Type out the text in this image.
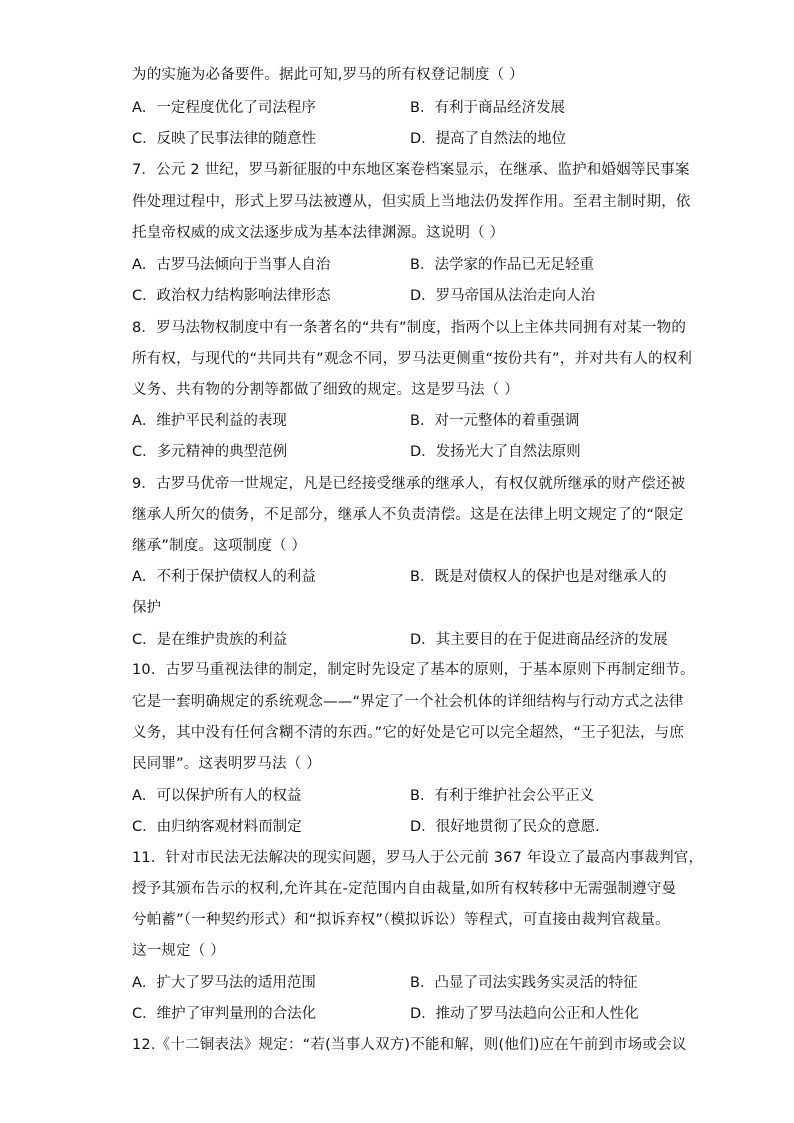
为的实施为必备要件。据此可知,罗马的所有权登记制度（ ）
A．一定程度优化了司法程序	B．有利于商品经济发展
C．反映了民事法律的随意性	D．提高了自然法的地位
7．公元 2 世纪，罗马新征服的中东地区案卷档案显示，在继承、监护和婚姻等民事案
件处理过程中，形式上罗马法被遵从，但实质上当地法仍发挥作用。至君主制时期，依
托皇帝权威的成文法逐步成为基本法律渊源。这说明（ ）
A．古罗马法倾向于当事人自治	B．法学家的作品已无足轻重
C．政治权力结构影响法律形态	D．罗马帝国从法治走向人治
8．罗马法物权制度中有一条著名的“共有”制度，指两个以上主体共同拥有对某一物的
所有权，与现代的“共同共有”观念不同，罗马法更侧重“按份共有”，并对共有人的权利
义务、共有物的分割等都做了细致的规定。这是罗马法（ ）
A．维护平民利益的表现	B．对一元整体的着重强调
C．多元精神的典型范例	D．发扬光大了自然法原则
9．古罗马优帝一世规定，凡是已经接受继承的继承人，有权仅就所继承的财产偿还被
继承人所欠的债务，不足部分，继承人不负责清偿。这是在法律上明文规定了的“限定
继承”制度。这项制度（ ）
A．不利于保护债权人的利益	B．既是对债权人的保护也是对继承人的
保护
C．是在维护贵族的利益	D．其主要目的在于促进商品经济的发展
10．古罗马重视法律的制定，制定时先设定了基本的原则，于基本原则下再制定细节。
它是一套明确规定的系统观念——“界定了一个社会机体的详细结构与行动方式之法律
义务，其中没有任何含糊不清的东西。”它的好处是它可以完全超然，“王子犯法，与庶
民同罪”。这表明罗马法（ ）
A．可以保护所有人的权益	B．有利于维护社会公平正义
C．由归纳客观材料而制定	D．很好地贯彻了民众的意愿.
11．针对市民法无法解决的现实问题，罗马人于公元前 367 年设立了最高内事裁判官，
授予其颁布告示的权利,允许其在-定范围内自由裁量,如所有权转移中无需强制遵守曼
兮帕蓄”（一种契约形式）和“拟诉弃权”（模拟诉讼）等程式，可直接由裁判官裁量。
这一规定（ ）
A．扩大了罗马法的适用范围	B．凸显了司法实践务实灵活的特征
C．维护了审判量刑的合法化	D．推动了罗马法趋向公正和人性化
12.《十二铜表法》规定：“若(当事人双方)不能和解，则(他们)应在午前到市场或会议
